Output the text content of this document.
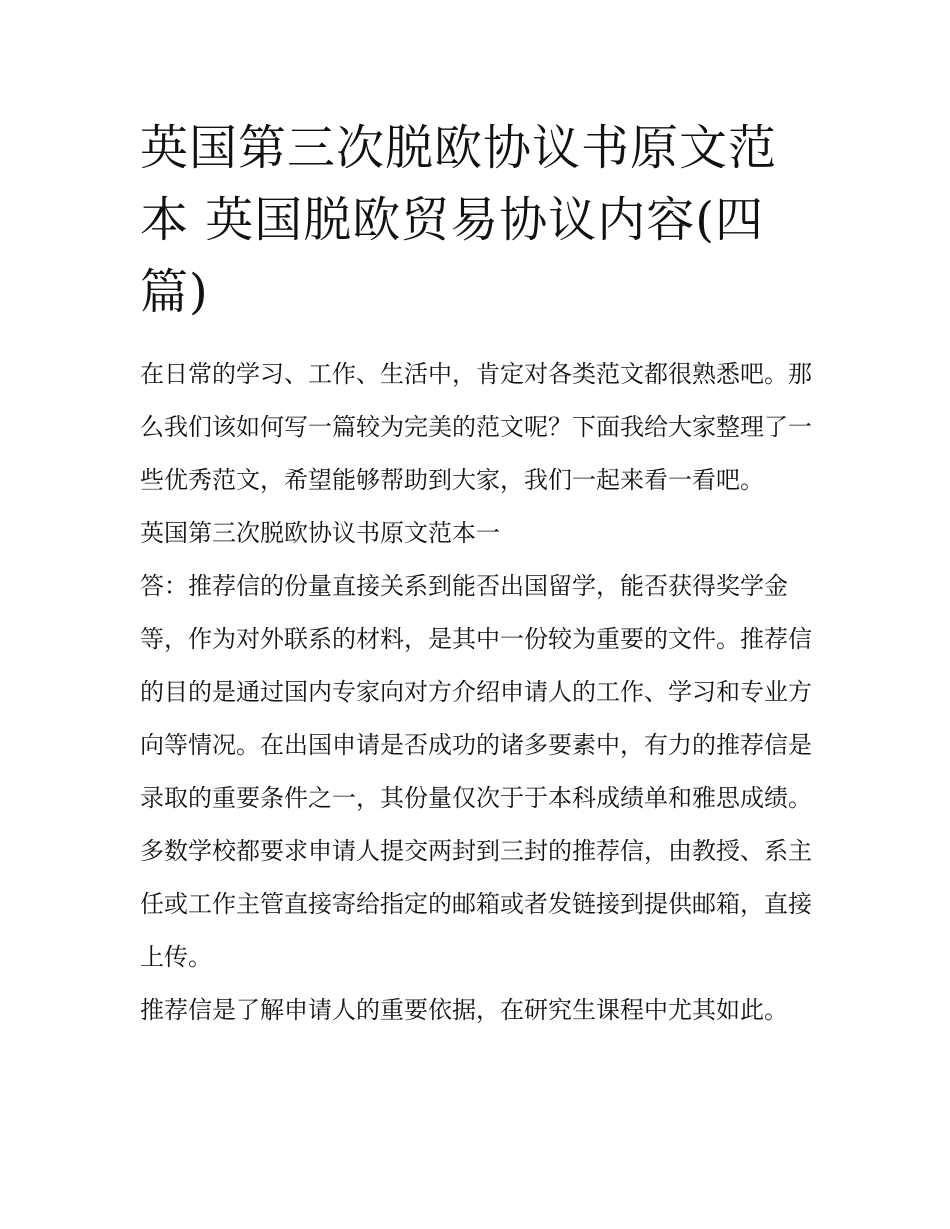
英国第三次脱欧协议书原文范本 英国脱欧贸易协议内容(四篇)

在日常的学习、工作、生活中，肯定对各类范文都很熟悉吧。那么我们该如何写一篇较为完美的范文呢？下面我给大家整理了一些优秀范文，希望能够帮助到大家，我们一起来看一看吧。

英国第三次脱欧协议书原文范本一

答：推荐信的份量直接关系到能否出国留学，能否获得奖学金等，作为对外联系的材料，是其中一份较为重要的文件。推荐信的目的是通过国内专家向对方介绍申请人的工作、学习和专业方向等情况。在出国申请是否成功的诸多要素中，有力的推荐信是录取的重要条件之一，其份量仅次于于本科成绩单和雅思成绩。

多数学校都要求申请人提交两封到三封的推荐信，由教授、系主任或工作主管直接寄给指定的邮箱或者发链接到提供邮箱，直接上传。

推荐信是了解申请人的重要依据，在研究生课程中尤其如此。
